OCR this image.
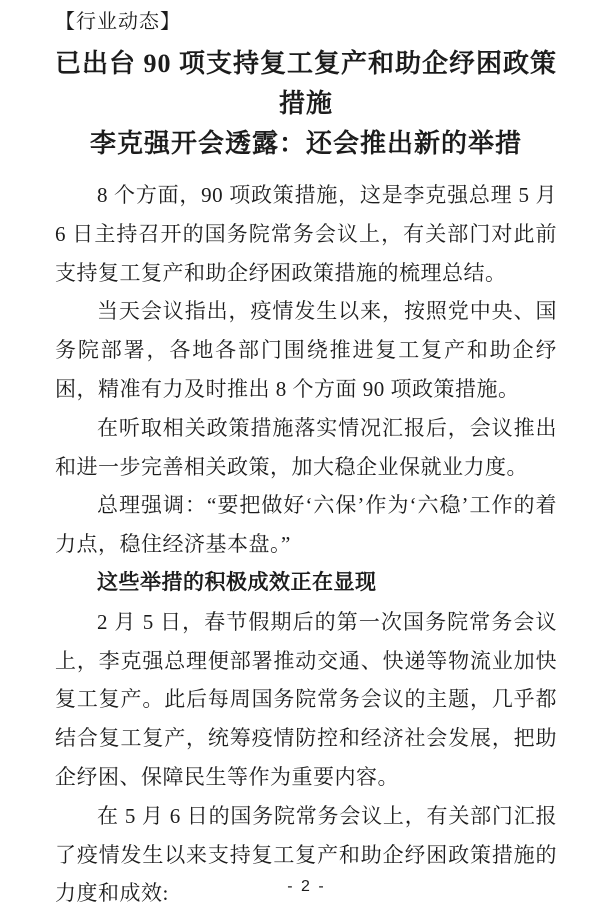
【行业动态】
已出台 90 项支持复工复产和助企纾困政策措施
李克强开会透露：还会推出新的举措

8 个方面，90 项政策措施，这是李克强总理 5 月 6 日主持召开的国务院常务会议上，有关部门对此前支持复工复产和助企纾困政策措施的梳理总结。

当天会议指出，疫情发生以来，按照党中央、国务院部署，各地各部门围绕推进复工复产和助企纾困，精准有力及时推出 8 个方面 90 项政策措施。

在听取相关政策措施落实情况汇报后，会议推出和进一步完善相关政策，加大稳企业保就业力度。

总理强调：“要把做好‘六保’作为‘六稳’工作的着力点，稳住经济基本盘。”

这些举措的积极成效正在显现

2 月 5 日，春节假期后的第一次国务院常务会议上，李克强总理便部署推动交通、快递等物流业加快复工复产。此后每周国务院常务会议的主题，几乎都结合复工复产，统筹疫情防控和经济社会发展，把助企纾困、保障民生等作为重要内容。

在 5 月 6 日的国务院常务会议上，有关部门汇报了疫情发生以来支持复工复产和助企纾困政策措施的力度和成效:	- 2 -
